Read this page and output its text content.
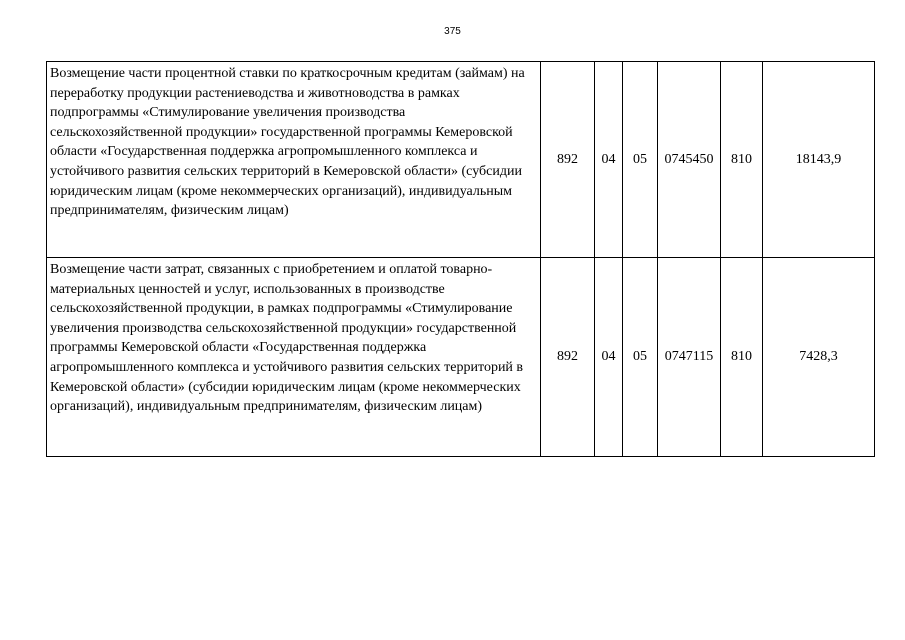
375
Возмещение части процентной ставки по краткосрочным кредитам (займам) на переработку продукции растениеводства и животноводства в рамках подпрограммы «Стимулирование увеличения производства сельскохозяйственной продукции» государственной программы Кемеровской области «Государственная поддержка агропромышленного комплекса и устойчивого развития сельских территорий в Кемеровской области» (субсидии юридическим лицам (кроме некоммерческих организаций), индивидуальным предпринимателям, физическим лицам)	892	04	05	0745450	810	18143,9
Возмещение части затрат, связанных с приобретением и оплатой товарно-материальных ценностей и услуг, использованных в производстве сельскохозяйственной продукции, в рамках подпрограммы «Стимулирование увеличения производства сельскохозяйственной продукции» государственной программы Кемеровской области «Государственная поддержка агропромышленного комплекса и устойчивого развития сельских территорий в Кемеровской области» (субсидии юридическим лицам (кроме некоммерческих организаций), индивидуальным предпринимателям, физическим лицам)	892	04	05	0747115	810	7428,3
